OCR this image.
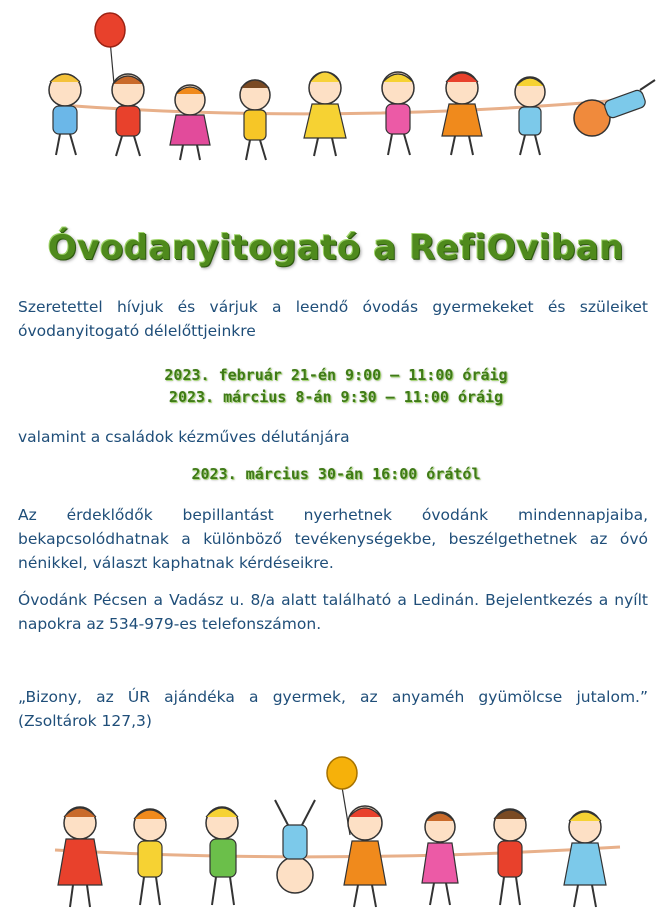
Óvodanyitogató a RefiOviban

Szeretettel hívjuk és várjuk a leendő óvodás gyermekeket és szüleiket óvodanyitogató délelőttjeinkre

2023. február 21-én 9:00 – 11:00 óráig
2023. március 8-án 9:30 – 11:00 óráig

valamint a családok kézműves délutánjára

2023. március 30-án 16:00 órától

Az érdeklődők bepillantást nyerhetnek óvodánk mindennapjaiba, bekapcsolódhatnak a különböző tevékenységekbe, beszélgethetnek az óvó nénikkel, választ kaphatnak kérdéseikre.

Óvodánk Pécsen a Vadász u. 8/a alatt található a Ledinán. Bejelentkezés a nyílt napokra az 534-979-es telefonszámon.

„Bizony, az ÚR ajándéka a gyermek, az anyaméh gyümölcse jutalom.” (Zsoltárok 127,3)
